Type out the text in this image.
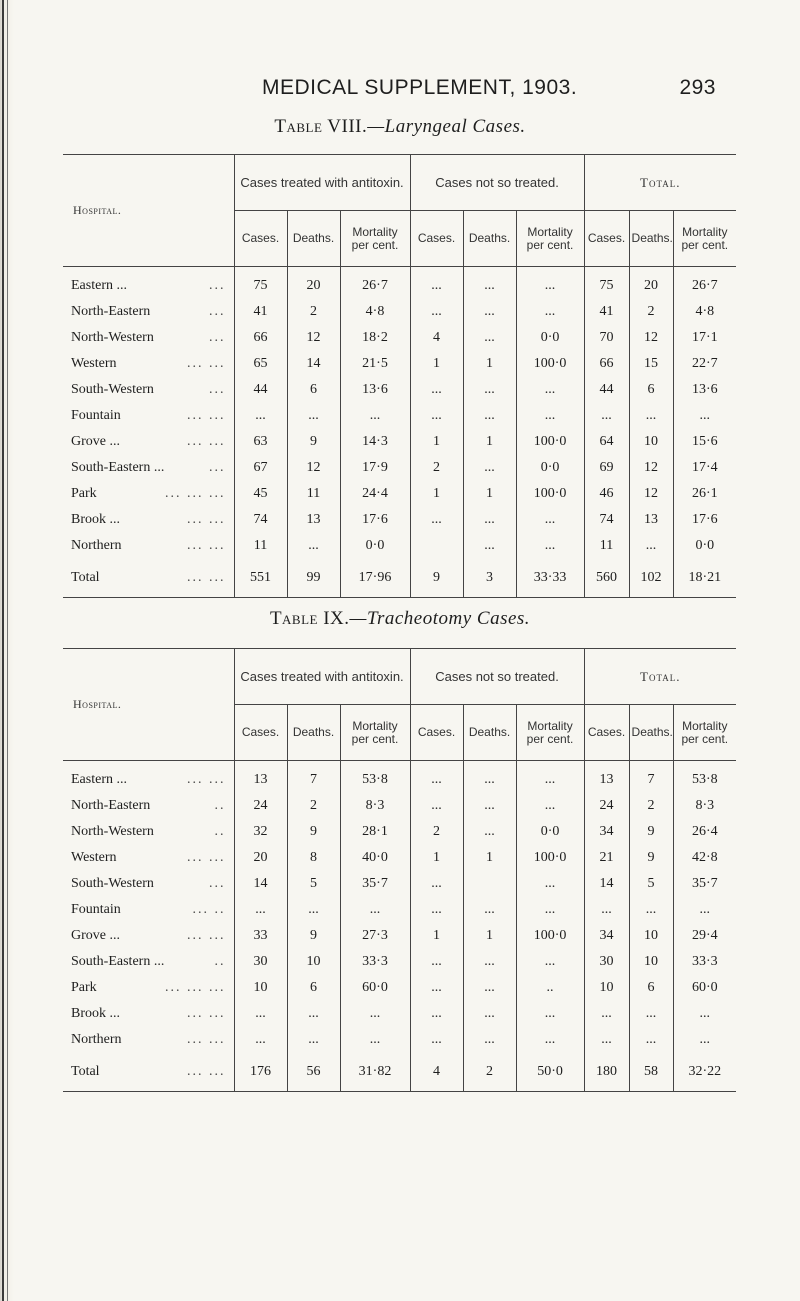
MEDICAL SUPPLEMENT, 1903.	293
Table VIII.—Laryngeal Cases.
Hospital.	Cases treated with antitoxin.			Cases not so treated.			Total.		
	Cases.	Deaths.	Mortality per cent.	Cases.	Deaths.	Mortality per cent.	Cases.	Deaths.	Mortality per cent.
Eastern ... ...	75	20	26·7	...	...	...	75	20	26·7
North-Eastern ...	41	2	4·8	...	...	...	41	2	4·8
North-Western ...	66	12	18·2	4	...	0·0	70	12	17·1
Western ... ...	65	14	21·5	1	1	100·0	66	15	22·7
South-Western ...	44	6	13·6	...	...	...	44	6	13·6
Fountain ... ...	...	...	...	...	...	...	...	...	...
Grove ... ... ...	63	9	14·3	1	1	100·0	64	10	15·6
South-Eastern ... ...	67	12	17·9	2	...	0·0	69	12	17·4
Park ... ... ...	45	11	24·4	1	1	100·0	46	12	26·1
Brook ... ... ...	74	13	17·6	...	...	...	74	13	17·6
Northern ... ...	11	...	0·0		...	...	11	...	0·0
Total ... ...	551	99	17·96	9	3	33·33	560	102	18·21
Table IX.—Tracheotomy Cases.
Hospital.	Cases treated with antitoxin.			Cases not so treated.			Total.		
	Cases.	Deaths.	Mortality per cent.	Cases.	Deaths.	Mortality per cent.	Cases.	Deaths.	Mortality per cent.
Eastern ... ... ...	13	7	53·8	...	...	...	13	7	53·8
North-Eastern ..	24	2	8·3	...	...	...	24	2	8·3
North-Western ..	32	9	28·1	2	...	0·0	34	9	26·4
Western ... ...	20	8	40·0	1	1	100·0	21	9	42·8
South-Western ...	14	5	35·7	...		...	14	5	35·7
Fountain ... ..	...	...	...	...	...	...	...	...	...
Grove ... ... ...	33	9	27·3	1	1	100·0	34	10	29·4
South-Eastern ... ..	30	10	33·3	...	...	...	30	10	33·3
Park ... ... ...	10	6	60·0	...	...	..	10	6	60·0
Brook ... ... ...	...	...	...	...	...	...	...	...	...
Northern ... ...	...	...	...	...	...	...	...	...	...
Total ... ...	176	56	31·82	4	2	50·0	180	58	32·22
